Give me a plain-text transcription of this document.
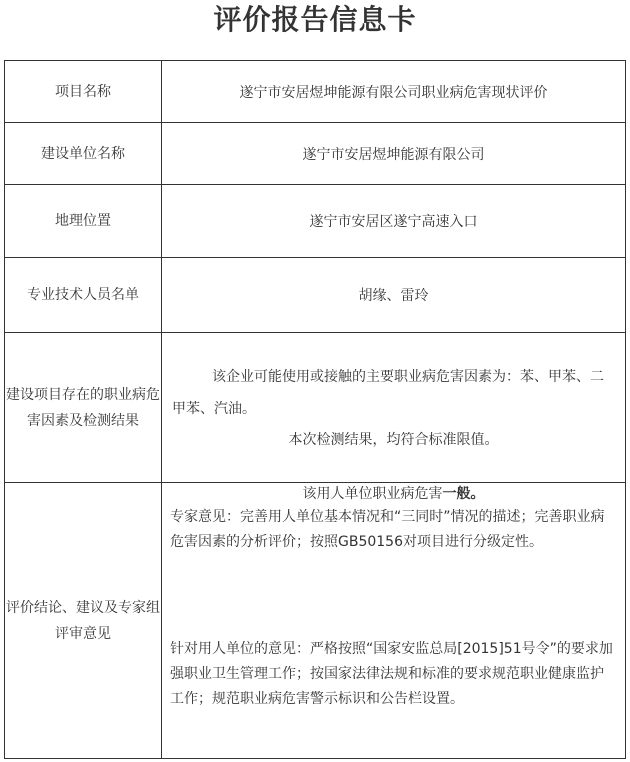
评价报告信息卡
项目名称	遂宁市安居煜坤能源有限公司职业病危害现状评价
建设单位名称	遂宁市安居煜坤能源有限公司
地理位置	遂宁市安居区遂宁高速入口
专业技术人员名单	胡缘、雷玲
建设项目存在的职业病危害因素及检测结果	该企业可能使用或接触的主要职业病危害因素为：苯、甲苯、二甲苯、汽油。
本次检测结果，均符合标准限值。

评价结论、建议及专家组评审意见	该用人单位职业病危害一般。
专家意见：完善用人单位基本情况和“三同时”情况的描述；完善职业病危害因素的分析评价；按照GB50156对项目进行分级定性。
针对用人单位的意见：严格按照“国家安监总局[2015]51号令”的要求加强职业卫生管理工作；按国家法律法规和标准的要求规范职业健康监护工作；规范职业病危害警示标识和公告栏设置。
